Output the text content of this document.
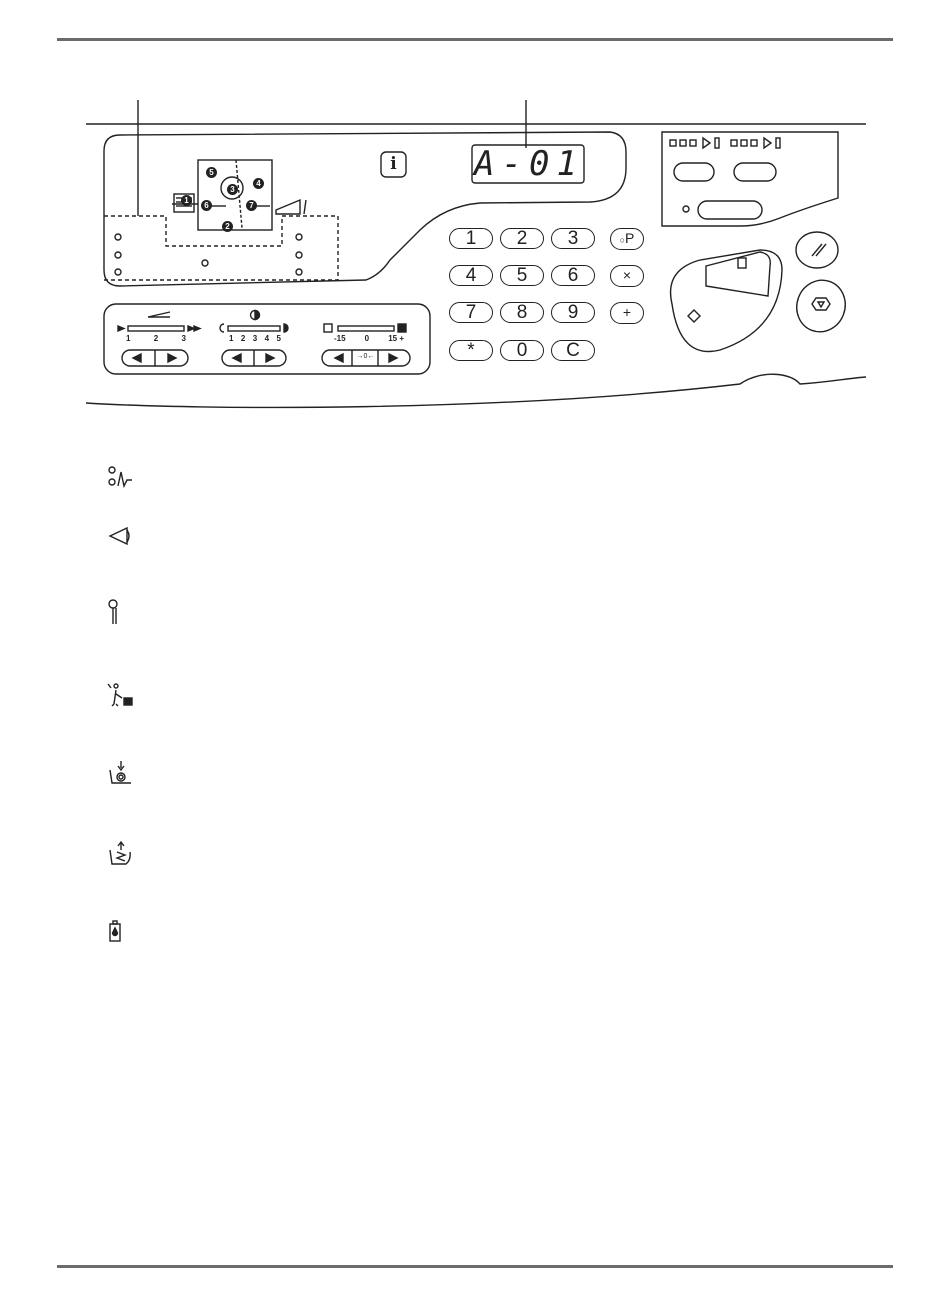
A-01
i
1
2
3
4
5
6	7
1	2	3
4	5	6
7	8	9
*	0	C
○P
×
+
1	2	3	1 2 3 4 5	-15 0 15 +
→0←
